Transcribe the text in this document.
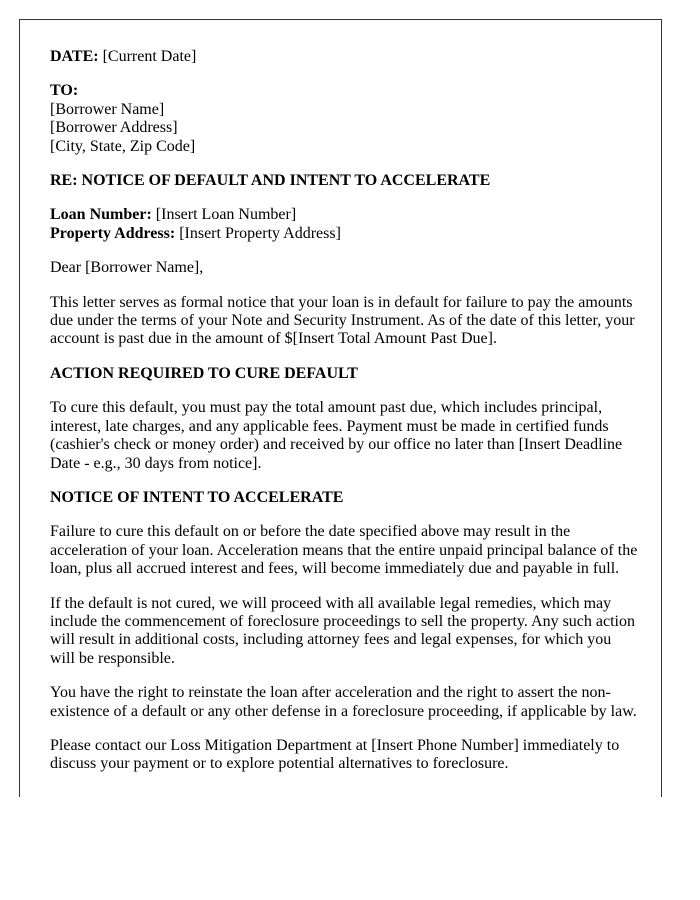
DATE: [Current Date]

TO:
[Borrower Name]
[Borrower Address]
[City, State, Zip Code]

RE: NOTICE OF DEFAULT AND INTENT TO ACCELERATE

Loan Number: [Insert Loan Number]
Property Address: [Insert Property Address]

Dear [Borrower Name],

This letter serves as formal notice that your loan is in default for failure to pay the amounts due under the terms of your Note and Security Instrument. As of the date of this letter, your account is past due in the amount of $[Insert Total Amount Past Due].

ACTION REQUIRED TO CURE DEFAULT

To cure this default, you must pay the total amount past due, which includes principal, interest, late charges, and any applicable fees. Payment must be made in certified funds (cashier's check or money order) and received by our office no later than [Insert Deadline Date - e.g., 30 days from notice].

NOTICE OF INTENT TO ACCELERATE

Failure to cure this default on or before the date specified above may result in the acceleration of your loan. Acceleration means that the entire unpaid principal balance of the loan, plus all accrued interest and fees, will become immediately due and payable in full.

If the default is not cured, we will proceed with all available legal remedies, which may include the commencement of foreclosure proceedings to sell the property. Any such action will result in additional costs, including attorney fees and legal expenses, for which you will be responsible.

You have the right to reinstate the loan after acceleration and the right to assert the non-existence of a default or any other defense in a foreclosure proceeding, if applicable by law.

Please contact our Loss Mitigation Department at [Insert Phone Number] immediately to discuss your payment or to explore potential alternatives to foreclosure.
